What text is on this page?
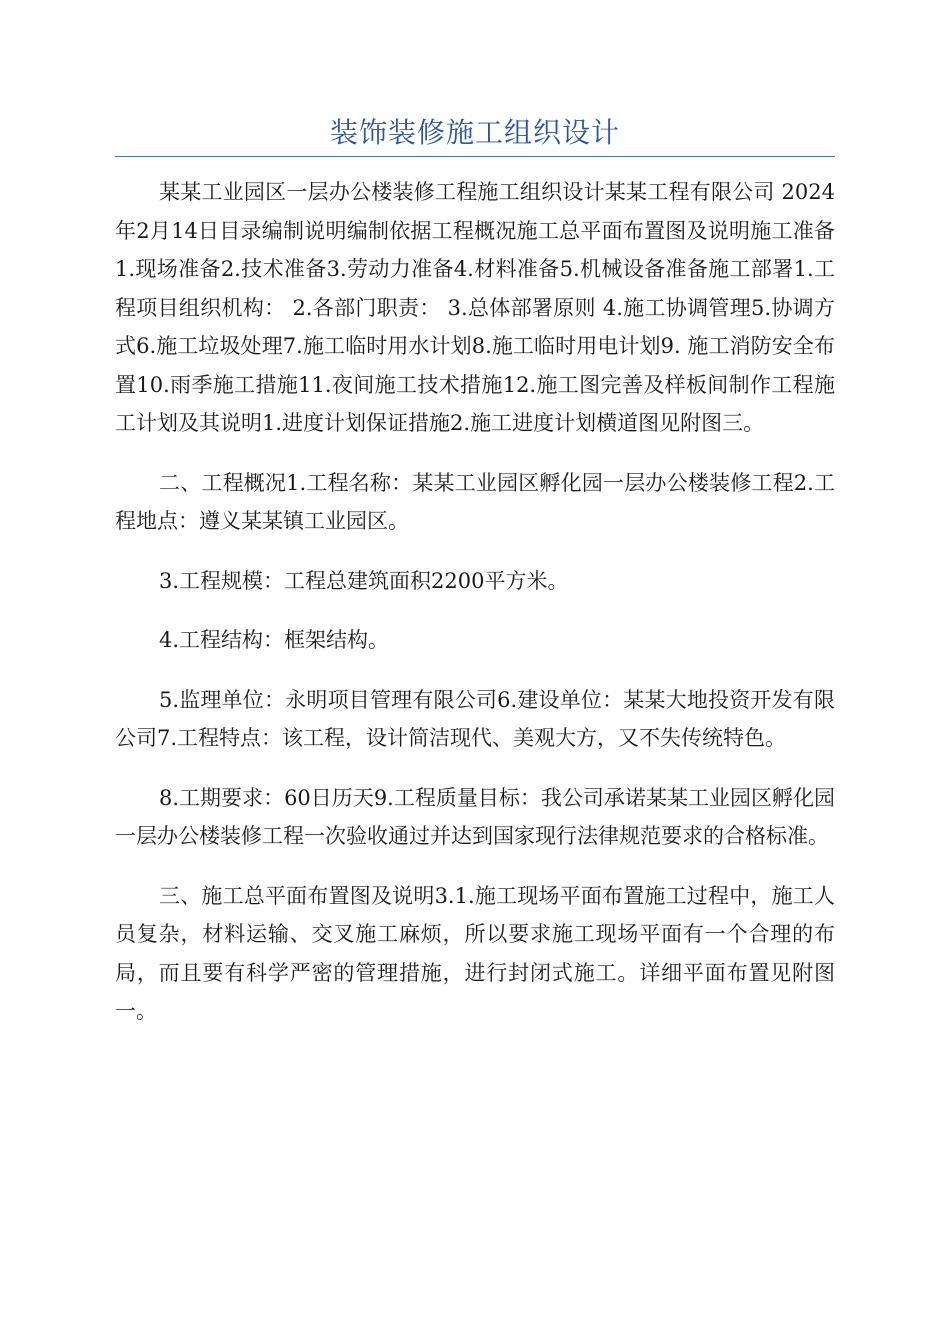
装饰装修施工组织设计

某某工业园区一层办公楼装修工程施工组织设计某某工程有限公司 2024年2月14日目录编制说明编制依据工程概况施工总平面布置图及说明施工准备1.现场准备2.技术准备3.劳动力准备4.材料准备5.机械设备准备施工部署1.工程项目组织机构： 2.各部门职责： 3.总体部署原则 4.施工协调管理5.协调方式6.施工垃圾处理7.施工临时用水计划8.施工临时用电计划9. 施工消防安全布置10.雨季施工措施11.夜间施工技术措施12.施工图完善及样板间制作工程施工计划及其说明1.进度计划保证措施2.施工进度计划横道图见附图三。

二、工程概况1.工程名称：某某工业园区孵化园一层办公楼装修工程2.工程地点：遵义某某镇工业园区。

3.工程规模：工程总建筑面积2200平方米。

4.工程结构：框架结构。

5.监理单位：永明项目管理有限公司6.建设单位：某某大地投资开发有限公司7.工程特点：该工程，设计简洁现代、美观大方，又不失传统特色。

8.工期要求：60日历天9.工程质量目标：我公司承诺某某工业园区孵化园一层办公楼装修工程一次验收通过并达到国家现行法律规范要求的合格标准。

三、施工总平面布置图及说明3.1.施工现场平面布置施工过程中，施工人员复杂，材料运输、交叉施工麻烦，所以要求施工现场平面有一个合理的布局，而且要有科学严密的管理措施，进行封闭式施工。详细平面布置见附图一。
